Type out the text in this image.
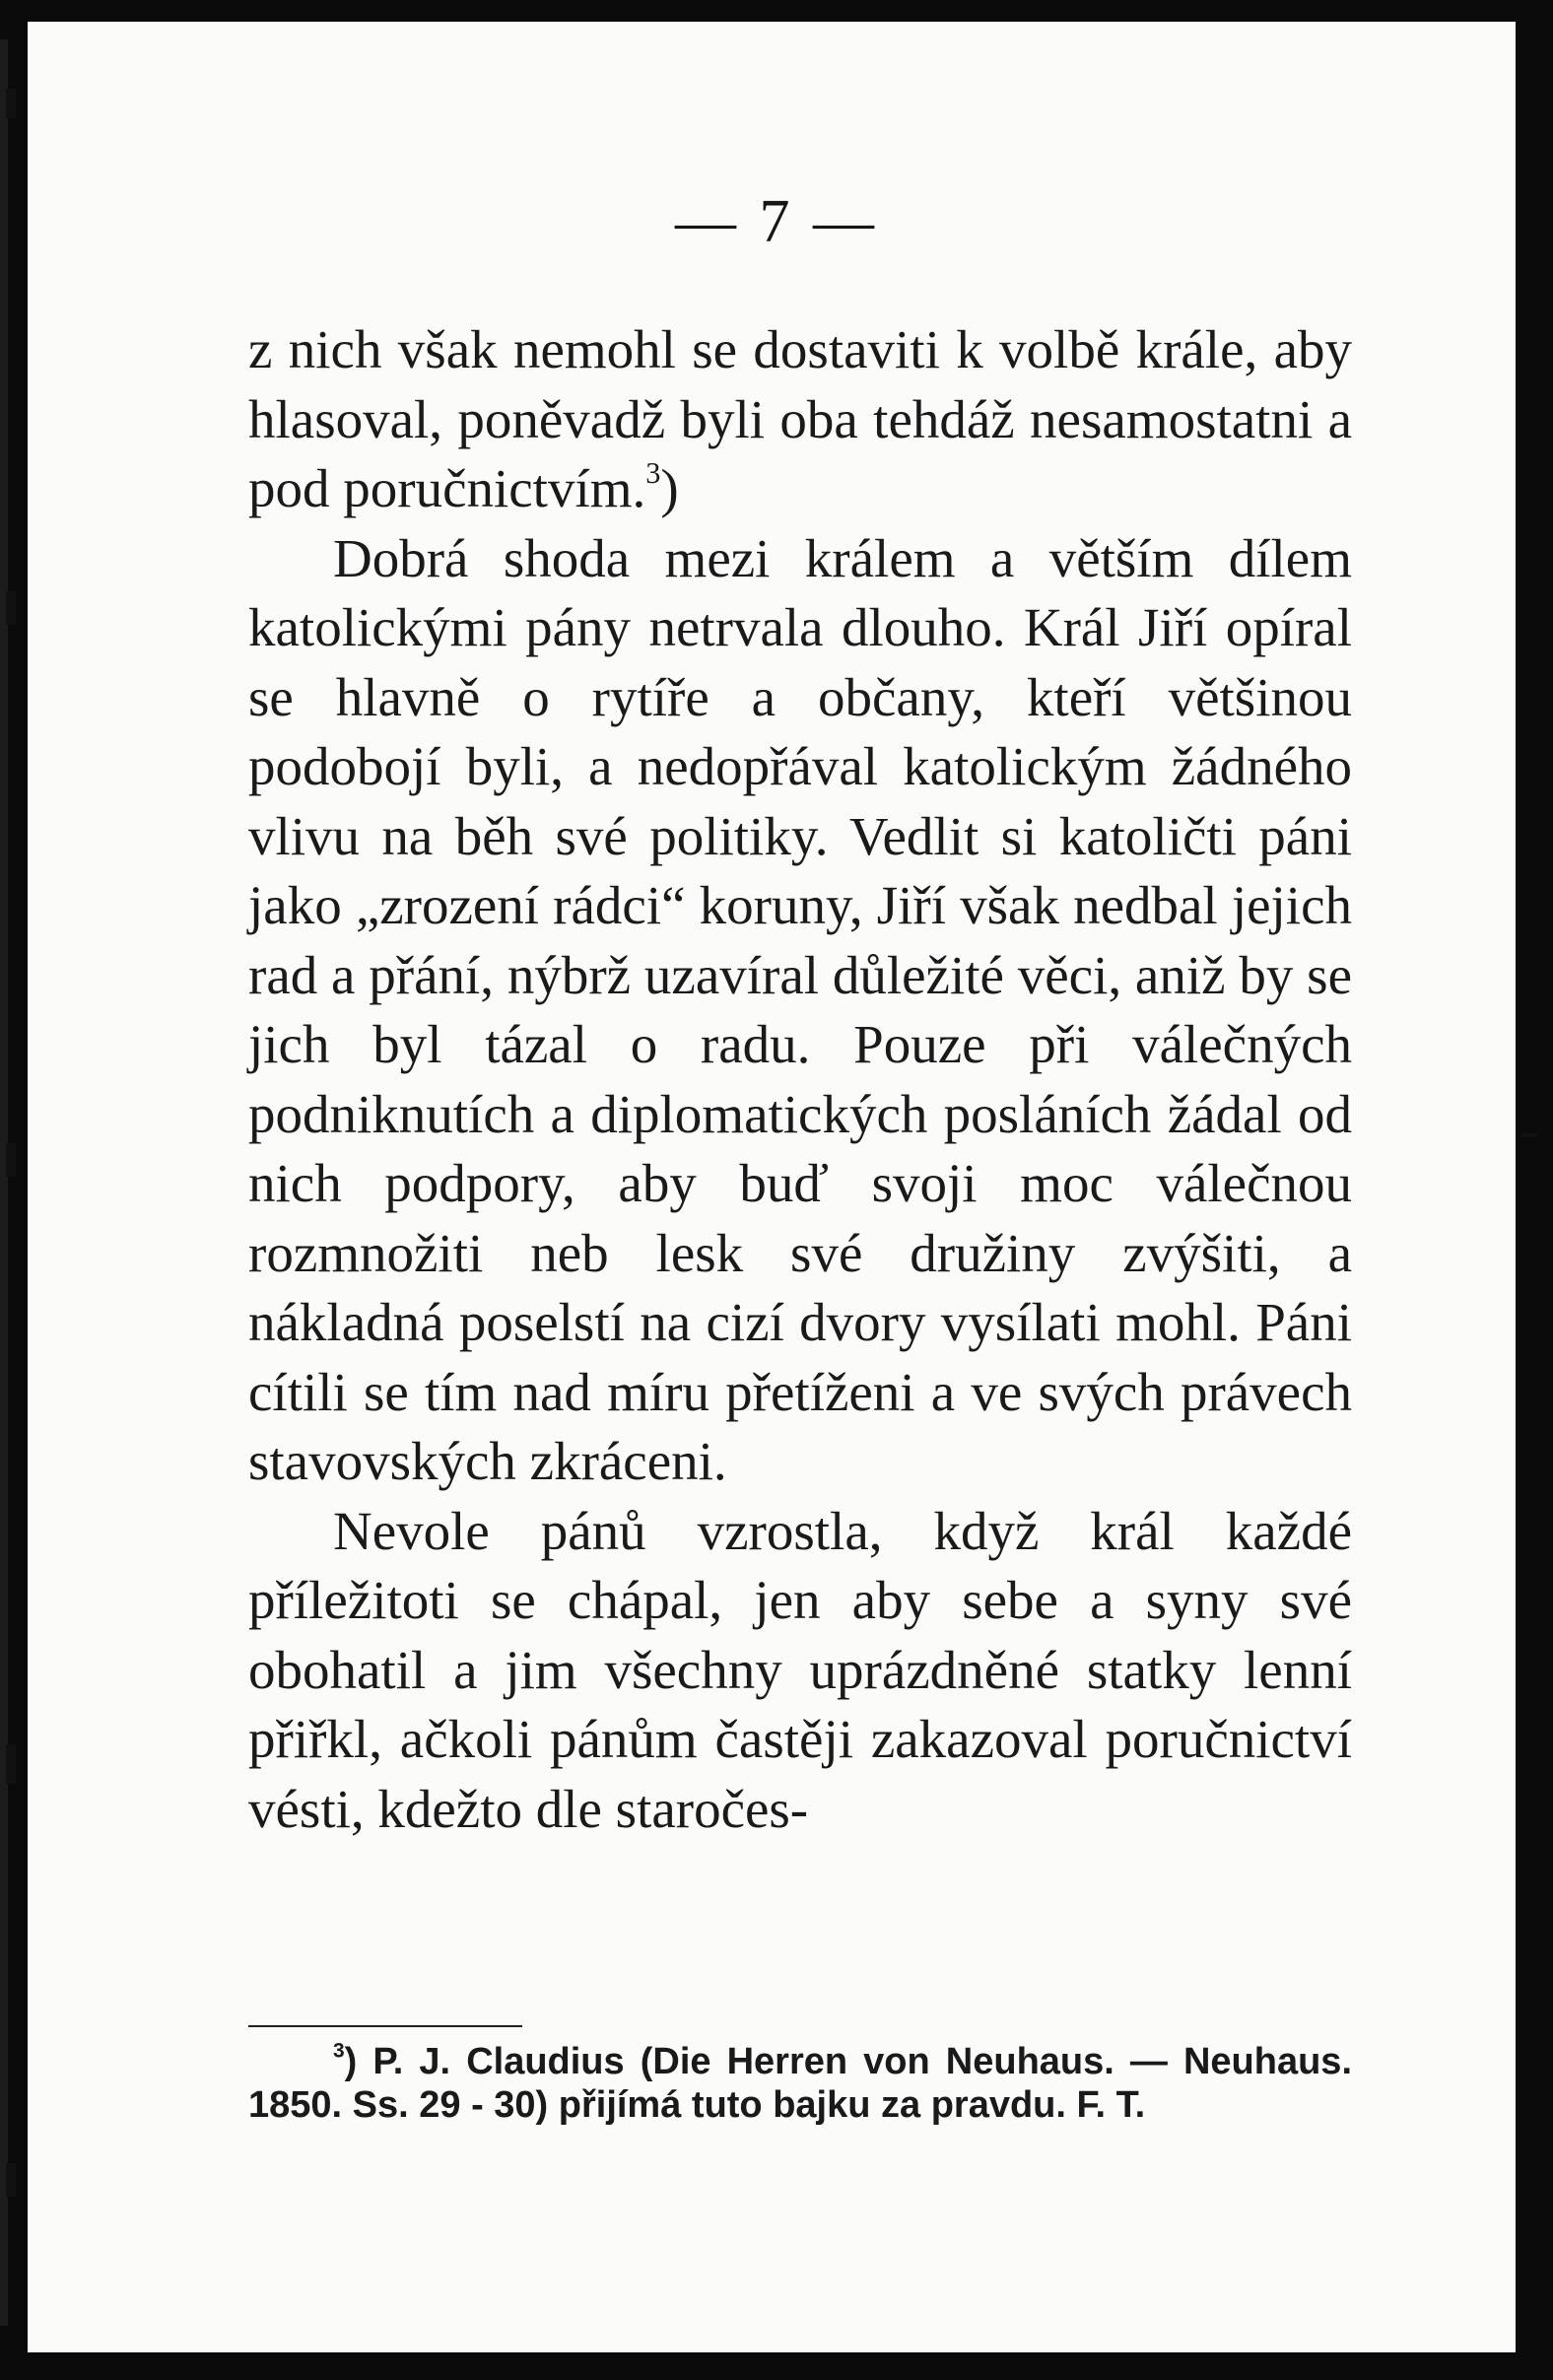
— 7 —

z nich však nemohl se dostaviti k volbě krále, aby hlasoval, poněvadž byli oba tehdáž nesamostatni a pod poručnictvím.$^3$)

Dobrá shoda mezi králem a větším dílem katolickými pány netrvala dlouho. Král Jiří opíral se hlavně o rytíře a občany, kteří většinou podobojí byli, a nedopřával katolickým žádného vlivu na běh své politiky. Vedlit si katoličti páni jako „zrození rádci“ koruny, Jiří však nedbal jejich rad a přání, nýbrž uzavíral důležité věci, aniž by se jich byl tázal o radu. Pouze při válečných podniknutích a diplomatických posláních žádal od nich podpory, aby buď svoji moc válečnou rozmnožiti neb lesk své družiny zvýšiti, a nákladná poselstí na cizí dvory vysílati mohl. Páni cítili se tím nad míru přetíženi a ve svých právech stavovských zkráceni.

Nevole pánů vzrostla, když král každé příležitoti se chápal, jen aby sebe a syny své obohatil a jim všechny uprázdněné statky lenní přiřkl, ačkoli pánům častěji zakazoval poručnictví vésti, kdežto dle staročes-

$^3$) P. J. Claudius (Die Herren von Neuhaus. — Neuhaus. 1850. Ss. 29 - 30) přijímá tuto bajku za pravdu. F. T.
